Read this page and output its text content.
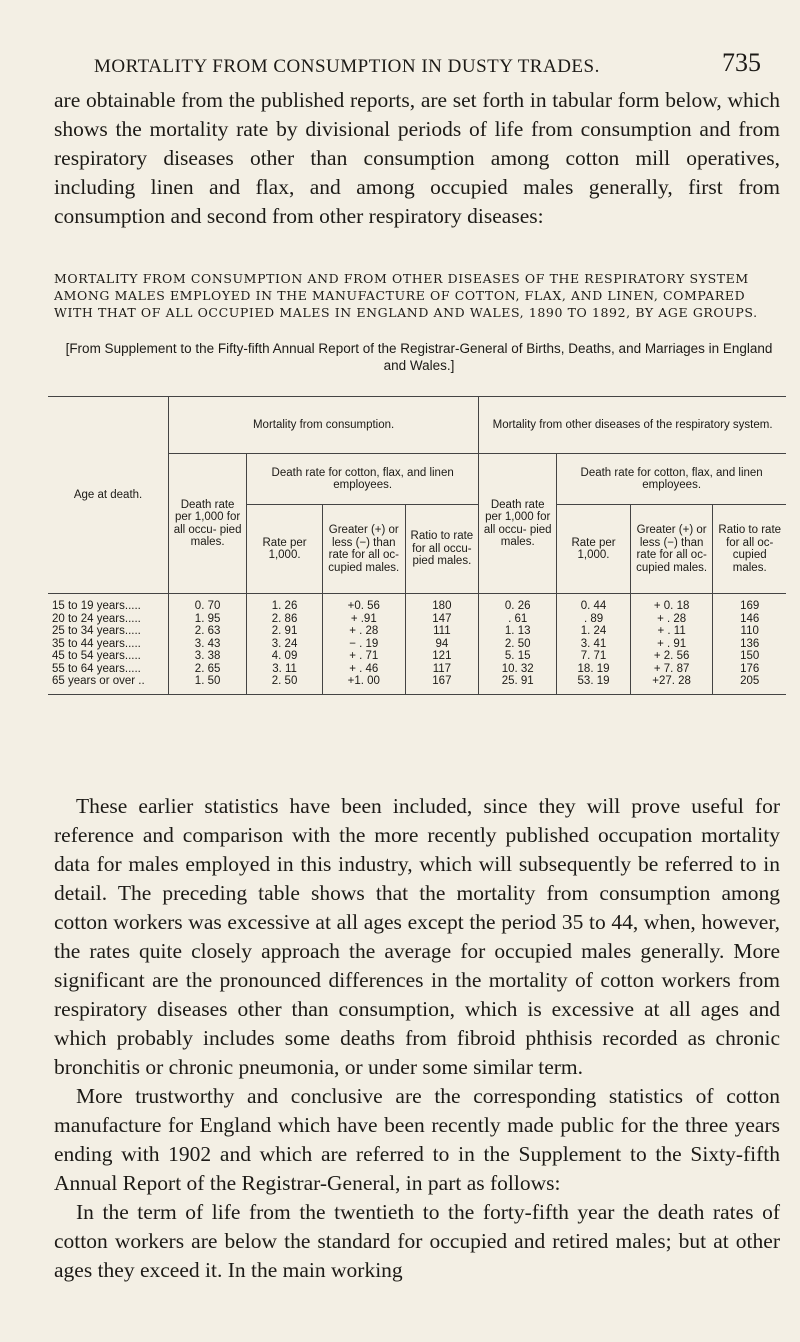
MORTALITY FROM CONSUMPTION IN DUSTY TRADES.	735

are obtainable from the published reports, are set forth in tabular form below, which shows the mortality rate by divisional periods of life from consumption and from respiratory diseases other than consumption among cotton mill operatives, including linen and flax, and among occupied males generally, first from consumption and second from other respiratory diseases:

MORTALITY FROM CONSUMPTION AND FROM OTHER DISEASES OF THE RESPIRATORY SYSTEM AMONG MALES EMPLOYED IN THE MANUFACTURE OF COTTON, FLAX, AND LINEN, COMPARED WITH THAT OF ALL OCCUPIED MALES IN ENGLAND AND WALES, 1890 TO 1892, BY AGE GROUPS.
[From Supplement to the Fifty-fifth Annual Report of the Registrar-General of Births, Deaths, and Marriages in England and Wales.]
Age at death.	Mortality from consumption.				Mortality from other diseases of the respiratory system.			
	Death rate per 1,000 for all occu- pied males.	Death rate for cotton, flax, and linen employees.			Death rate per 1,000 for all occu- pied males.	Death rate for cotton, flax, and linen employees.		
		Rate per 1,000.	Greater (+) or less (−) than rate for all oc- cupied males.	Ratio to rate for all occu- pied males.		Rate per 1,000.	Greater (+) or less (−) than rate for all oc- cupied males.	Ratio to rate for all oc- cupied males.
15 to 19 years.....	0. 70	1. 26	+0. 56	180	0. 26	0. 44	+ 0. 18	169
20 to 24 years.....	1. 95	2. 86	+ .91	147	. 61	. 89	+ . 28	146
25 to 34 years.....	2. 63	2. 91	+ . 28	111	1. 13	1. 24	+ . 11	110
35 to 44 years.....	3. 43	3. 24	− . 19	94	2. 50	3. 41	+ . 91	136
45 to 54 years.....	3. 38	4. 09	+ . 71	121	5. 15	7. 71	+ 2. 56	150
55 to 64 years.....	2. 65	3. 11	+ . 46	117	10. 32	18. 19	+ 7. 87	176
65 years or over ..	1. 50	2. 50	+1. 00	167	25. 91	53. 19	+27. 28	205

These earlier statistics have been included, since they will prove useful for reference and comparison with the more recently published occupation mortality data for males employed in this industry, which will subsequently be referred to in detail. The preceding table shows that the mortality from consumption among cotton workers was excessive at all ages except the period 35 to 44, when, however, the rates quite closely approach the average for occupied males generally. More significant are the pronounced differences in the mortality of cotton workers from respiratory diseases other than consumption, which is excessive at all ages and which probably includes some deaths from fibroid phthisis recorded as chronic bronchitis or chronic pneumonia, or under some similar term.

More trustworthy and conclusive are the corresponding statistics of cotton manufacture for England which have been recently made public for the three years ending with 1902 and which are referred to in the Supplement to the Sixty-fifth Annual Report of the Registrar-General, in part as follows:

In the term of life from the twentieth to the forty-fifth year the death rates of cotton workers are below the standard for occupied and retired males; but at other ages they exceed it. In the main working
